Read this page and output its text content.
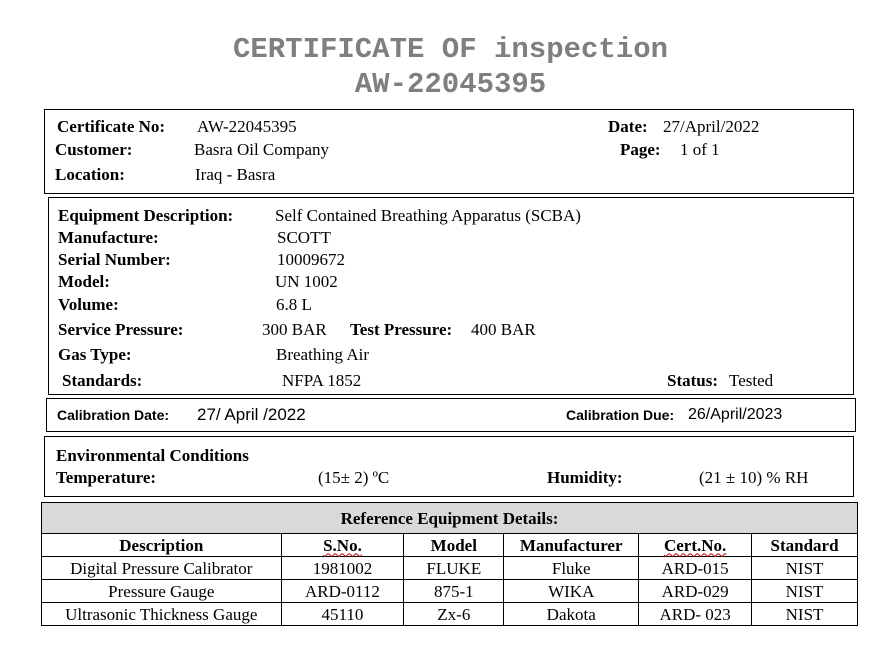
CERTIFICATE OF inspection
AW-22045395
Certificate No: AW-22045395
Customer:	Basra Oil Company
Location:	Iraq - Basra
Date: 27/April/2022
Page: 1 of 1
Equipment Description: Self Contained Breathing Apparatus (SCBA)
Manufacture:	SCOTT
Serial Number:	10009672
Model:	UN 1002
Volume:	6.8 L
Service Pressure:	300 BAR Test Pressure: 400 BAR
Gas Type:	Breathing Air
Standards:	NFPA 1852	Status: Tested
Calibration Date: 27/ April /2022	Calibration Due: 26/April/2023
Environmental Conditions
Temperature:	(15± 2) ºC	Humidity:	(21 ± 10) % RH
Reference Equipment Details:					
Description	S.No.	Model	Manufacturer	Cert.No.	Standard
Digital Pressure Calibrator	1981002	FLUKE	Fluke	ARD-015	NIST
Pressure Gauge	ARD-0112	875-1	WIKA	ARD-029	NIST
Ultrasonic Thickness Gauge	45110	Zx-6	Dakota	ARD- 023	NIST
